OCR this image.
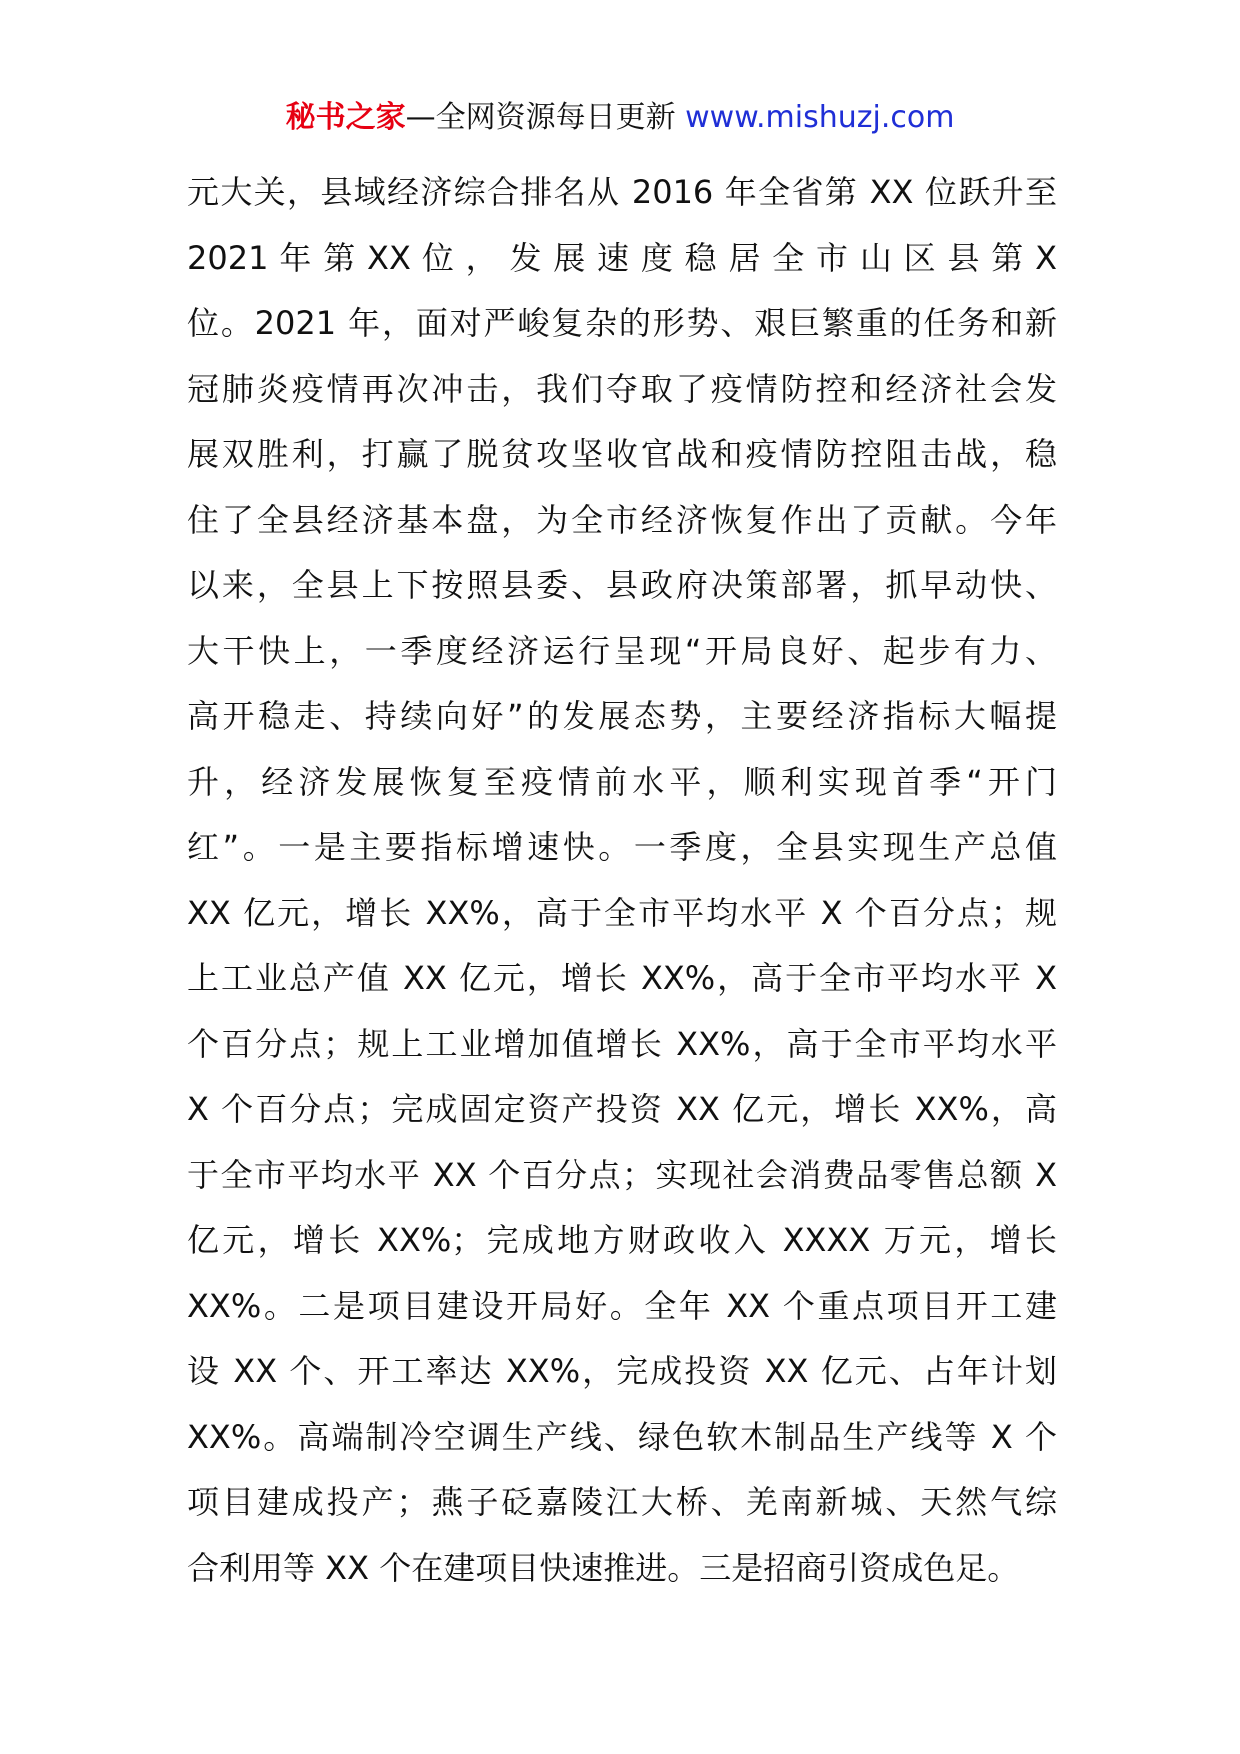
秘书之家—全网资源每日更新 www.mishuzj.com
元大关，县域经济综合排名从 2016 年全省第 XX 位跃升至
2021 年 第 XX 位 ， 发 展 速 度 稳 居 全 市 山 区 县 第 X
位。2021 年，面对严峻复杂的形势、艰巨繁重的任务和新
冠肺炎疫情再次冲击，我们夺取了疫情防控和经济社会发
展双胜利，打赢了脱贫攻坚收官战和疫情防控阻击战，稳
住了全县经济基本盘，为全市经济恢复作出了贡献。今年
以来，全县上下按照县委、县政府决策部署，抓早动快、
大干快上，一季度经济运行呈现“开局良好、起步有力、
高开稳走、持续向好”的发展态势，主要经济指标大幅提
升，经济发展恢复至疫情前水平，顺利实现首季“开门
红”。一是主要指标增速快。一季度，全县实现生产总值
XX 亿元，增长 XX%，高于全市平均水平 X 个百分点；规
上工业总产值 XX 亿元，增长 XX%，高于全市平均水平 X
个百分点；规上工业增加值增长 XX%，高于全市平均水平
X 个百分点；完成固定资产投资 XX 亿元，增长 XX%，高
于全市平均水平 XX 个百分点；实现社会消费品零售总额 X
亿元，增长 XX%；完成地方财政收入 XXXX 万元，增长
XX%。二是项目建设开局好。全年 XX 个重点项目开工建
设 XX 个、开工率达 XX%，完成投资 XX 亿元、占年计划
XX%。高端制冷空调生产线、绿色软木制品生产线等 X 个
项目建成投产；燕子砭嘉陵江大桥、羌南新城、天然气综
合利用等 XX 个在建项目快速推进。三是招商引资成色足。
